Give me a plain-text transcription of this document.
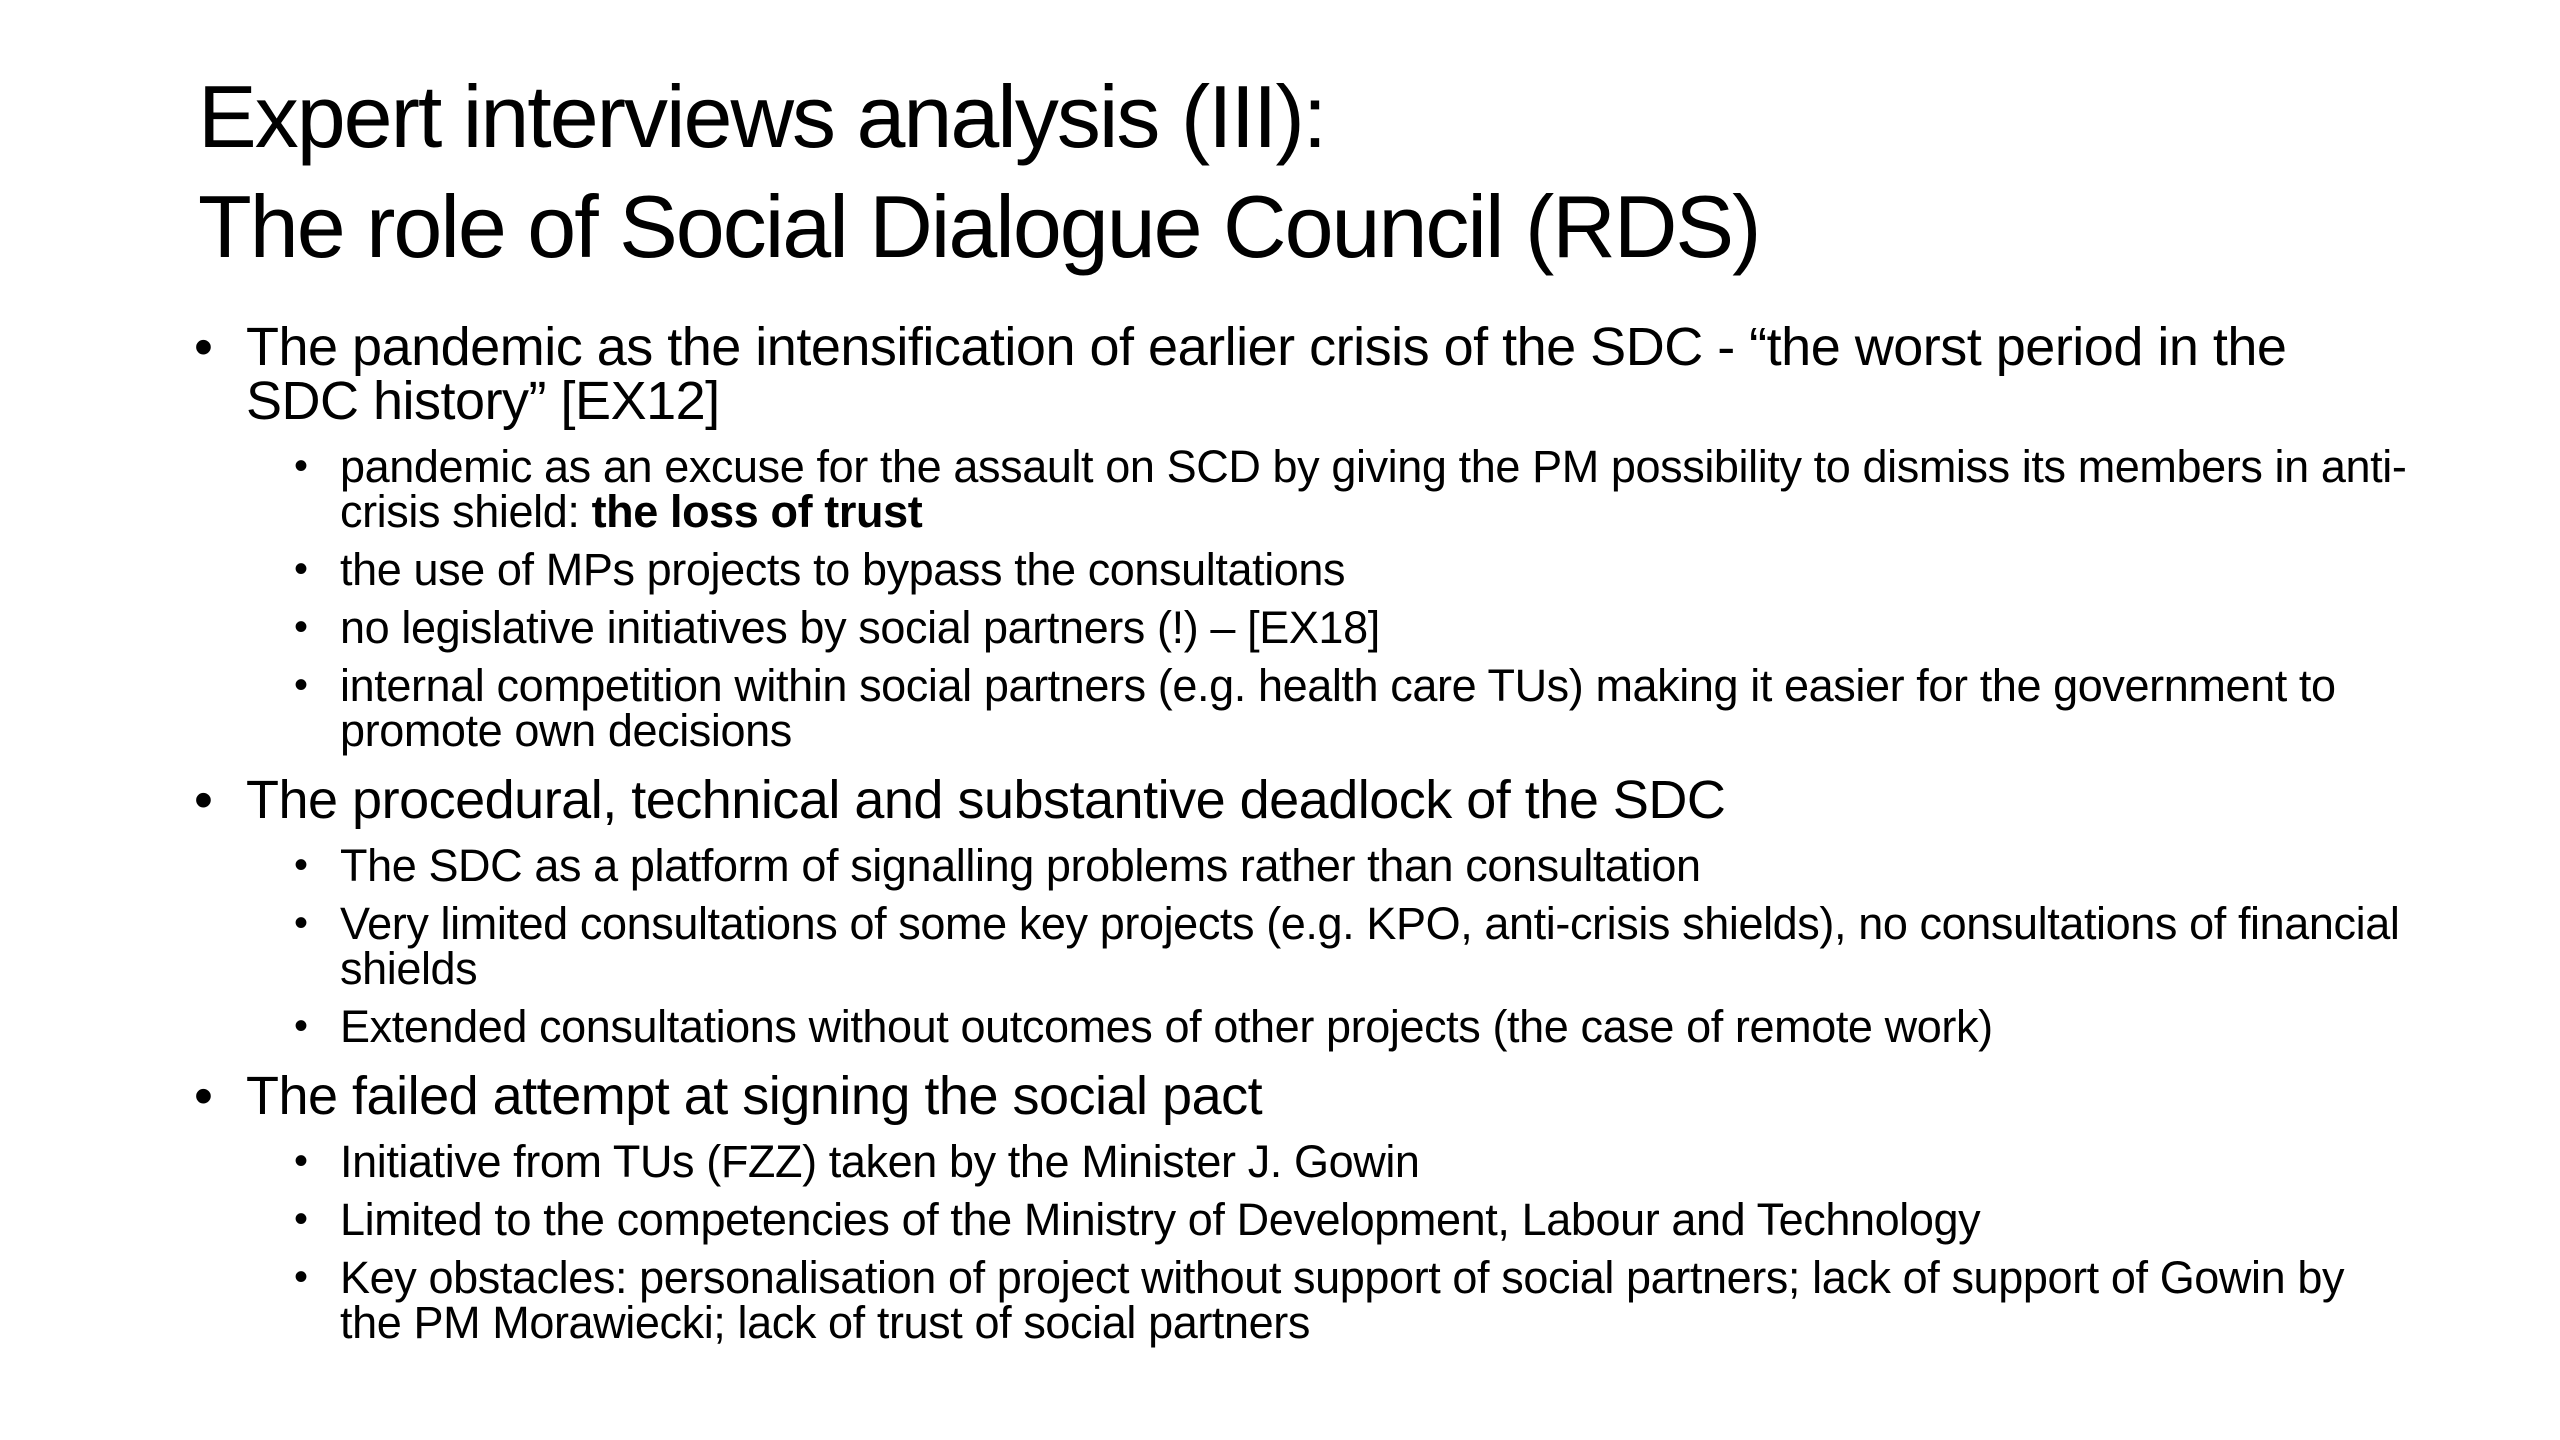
Expert interviews analysis (III):
The role of Social Dialogue Council (RDS)
• The pandemic as the intensification of earlier crisis of the SDC - “the worst period in the SDC history” [EX12]
• pandemic as an excuse for the assault on SCD by giving the PM possibility to dismiss its members in anti-crisis shield: the loss of trust
• the use of MPs projects to bypass the consultations
• no legislative initiatives by social partners (!) – [EX18]
• internal competition within social partners (e.g. health care TUs) making it easier for the government to promote own decisions
• The procedural, technical and substantive deadlock of the SDC
• The SDC as a platform of signalling problems rather than consultation
• Very limited consultations of some key projects (e.g. KPO, anti-crisis shields), no consultations of financial shields
• Extended consultations without outcomes of other projects (the case of remote work)
• The failed attempt at signing the social pact
• Initiative from TUs (FZZ) taken by the Minister J. Gowin
• Limited to the competencies of the Ministry of Development, Labour and Technology
• Key obstacles: personalisation of project without support of social partners; lack of support of Gowin by the PM Morawiecki; lack of trust of social partners
